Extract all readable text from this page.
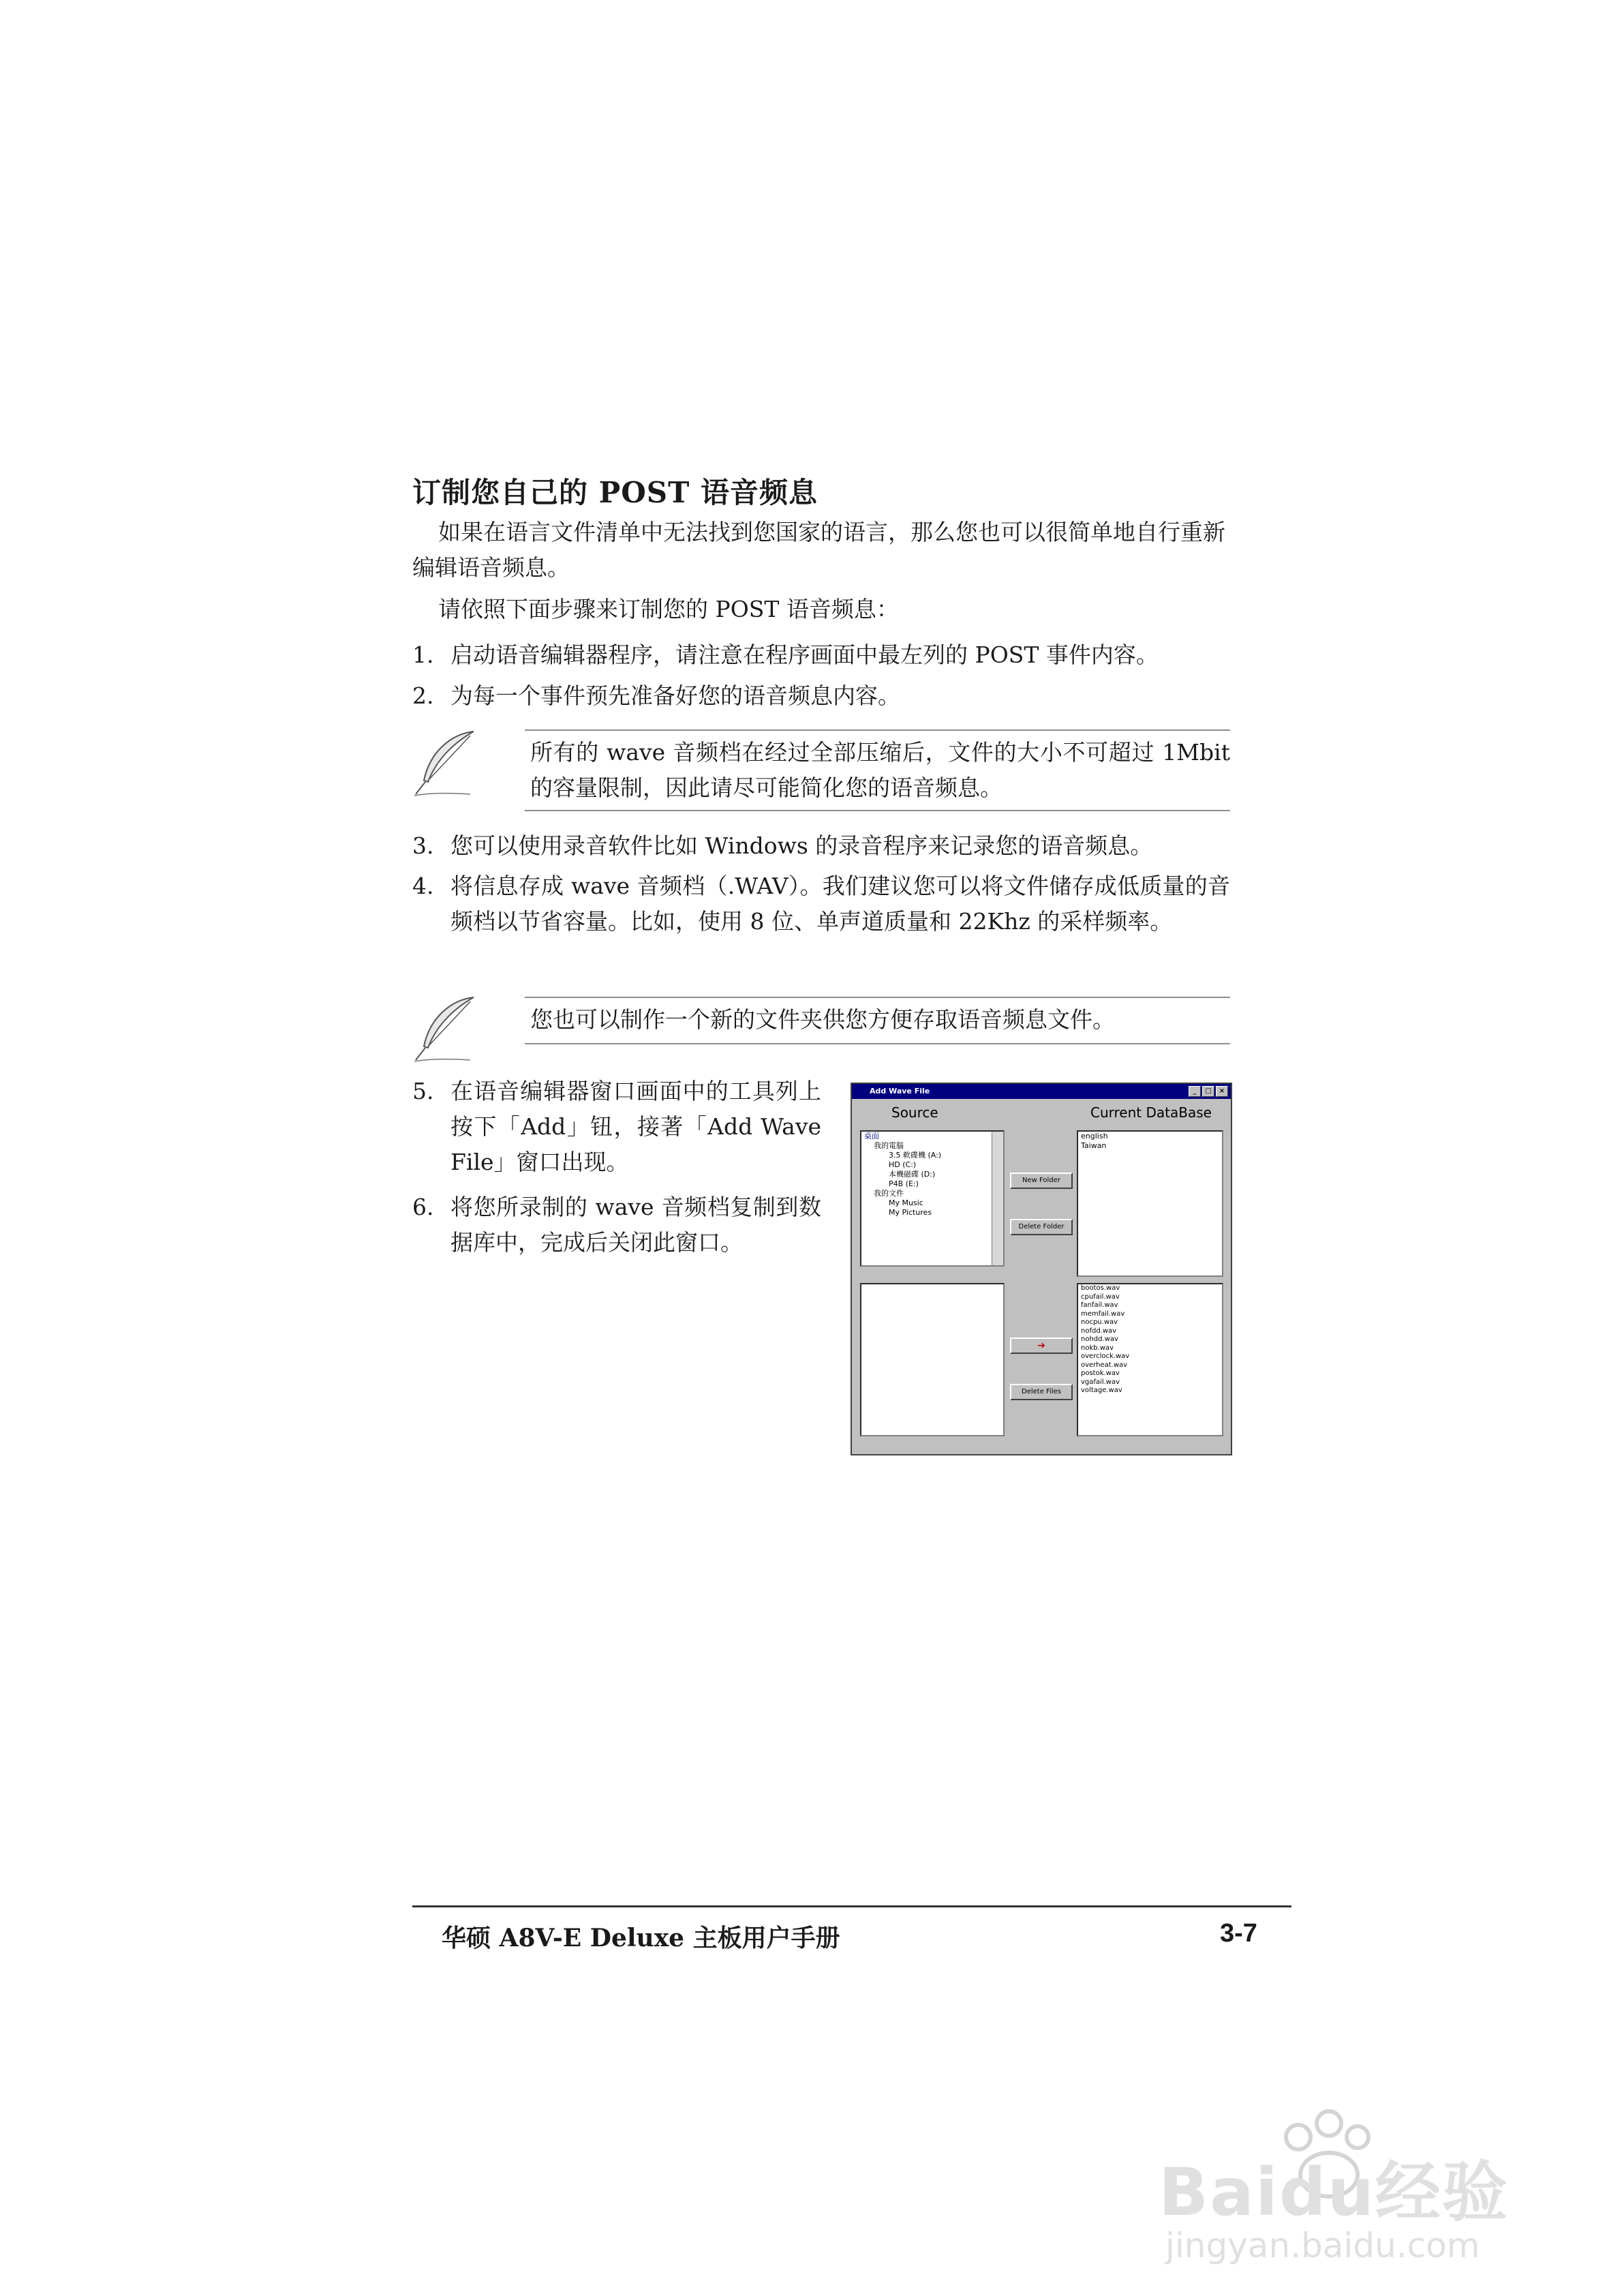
订制您自己的 POST 语音频息
如果在语言文件清单中无法找到您国家的语言，那么您也可以很简单地自行重新编辑语音频息。
请依照下面步骤来订制您的 POST 语音频息：
1. 启动语音编辑器程序，请注意在程序画面中最左列的 POST 事件内容。
2. 为每一个事件预先准备好您的语音频息内容。
所有的 wave 音频档在经过全部压缩后，文件的大小不可超过 1Mbit 的容量限制，因此请尽可能简化您的语音频息。
3. 您可以使用录音软件比如 Windows 的录音程序来记录您的语音频息。
4. 将信息存成 wave 音频档（.WAV）。我们建议您可以将文件储存成低质量的音频档以节省容量。比如，使用 8 位、单声道质量和 22Khz 的采样频率。
您也可以制作一个新的文件夹供您方便存取语音频息文件。
5. 在语音编辑器窗口画面中的工具列上按下「Add」钮，接著「Add Wave File」窗口出现。
6. 将您所录制的 wave 音频档复制到数据库中，完成后关闭此窗口。
Add Wave File	_	□	×
Source	Current DataBase
桌面
我的電腦
3.5 軟碟機 (A:)
HD (C:)
本機磁碟 (D:)
P4B (E:)
我的文件
My Music
My Pictures
english
Taiwan
New Folder
Delete Folder
bootos.wav
cpufail.wav
fanfail.wav
memfail.wav
nocpu.wav
nofdd.wav
nohdd.wav
nokb.wav
overclock.wav
overheat.wav
postok.wav
vgafail.wav
voltage.wav
➔
Delete Files
华硕 A8V-E Deluxe 主板用户手册	3-7
Baidu经验
jingyan.baidu.com
